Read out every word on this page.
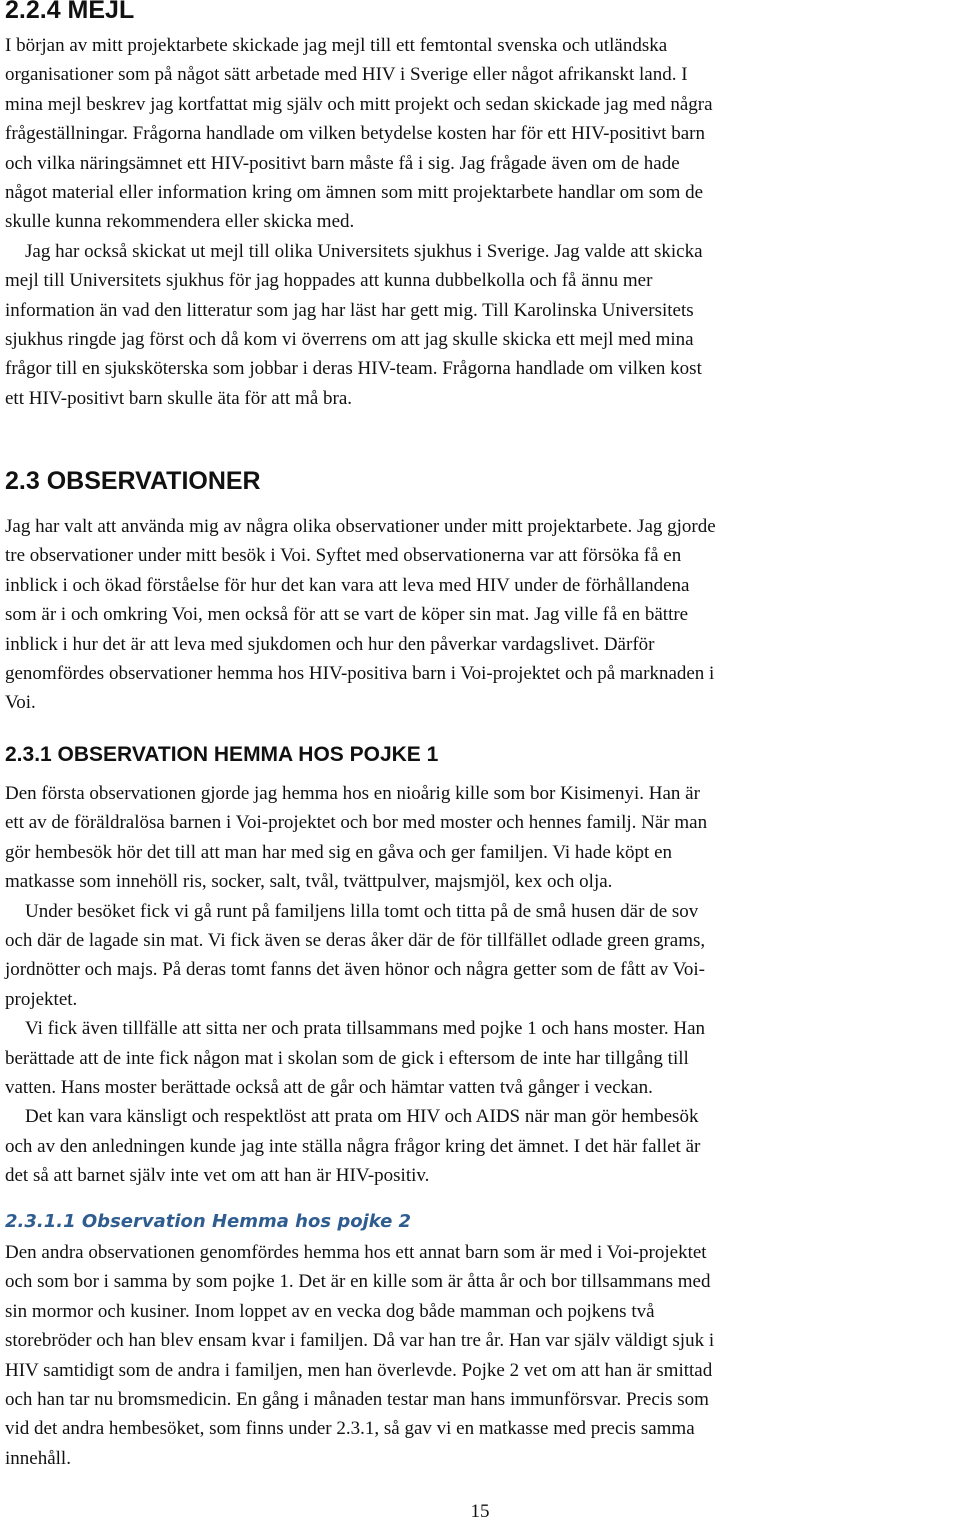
2.2.4 MEJL
I början av mitt projektarbete skickade jag mejl till ett femtontal svenska och utländska
organisationer som på något sätt arbetade med HIV i Sverige eller något afrikanskt land. I
mina mejl beskrev jag kortfattat mig själv och mitt projekt och sedan skickade jag med några
frågeställningar. Frågorna handlade om vilken betydelse kosten har för ett HIV-positivt barn
och vilka näringsämnet ett HIV-positivt barn måste få i sig. Jag frågade även om de hade
något material eller information kring om ämnen som mitt projektarbete handlar om som de
skulle kunna rekommendera eller skicka med.
Jag har också skickat ut mejl till olika Universitets sjukhus i Sverige. Jag valde att skicka
mejl till Universitets sjukhus för jag hoppades att kunna dubbelkolla och få ännu mer
information än vad den litteratur som jag har läst har gett mig. Till Karolinska Universitets
sjukhus ringde jag först och då kom vi överrens om att jag skulle skicka ett mejl med mina
frågor till en sjuksköterska som jobbar i deras HIV-team. Frågorna handlade om vilken kost
ett HIV-positivt barn skulle äta för att må bra.
2.3 OBSERVATIONER
Jag har valt att använda mig av några olika observationer under mitt projektarbete. Jag gjorde
tre observationer under mitt besök i Voi. Syftet med observationerna var att försöka få en
inblick i och ökad förståelse för hur det kan vara att leva med HIV under de förhållandena
som är i och omkring Voi, men också för att se vart de köper sin mat. Jag ville få en bättre
inblick i hur det är att leva med sjukdomen och hur den påverkar vardagslivet. Därför
genomfördes observationer hemma hos HIV-positiva barn i Voi-projektet och på marknaden i
Voi.
2.3.1 OBSERVATION HEMMA HOS POJKE 1
Den första observationen gjorde jag hemma hos en nioårig kille som bor Kisimenyi. Han är
ett av de föräldralösa barnen i Voi-projektet och bor med moster och hennes familj. När man
gör hembesök hör det till att man har med sig en gåva och ger familjen. Vi hade köpt en
matkasse som innehöll ris, socker, salt, tvål, tvättpulver, majsmjöl, kex och olja.
Under besöket fick vi gå runt på familjens lilla tomt och titta på de små husen där de sov
och där de lagade sin mat. Vi fick även se deras åker där de för tillfället odlade green grams,
jordnötter och majs. På deras tomt fanns det även hönor och några getter som de fått av Voi-
projektet.
Vi fick även tillfälle att sitta ner och prata tillsammans med pojke 1 och hans moster. Han
berättade att de inte fick någon mat i skolan som de gick i eftersom de inte har tillgång till
vatten. Hans moster berättade också att de går och hämtar vatten två gånger i veckan.
Det kan vara känsligt och respektlöst att prata om HIV och AIDS när man gör hembesök
och av den anledningen kunde jag inte ställa några frågor kring det ämnet. I det här fallet är
det så att barnet själv inte vet om att han är HIV-positiv.
2.3.1.1 Observation Hemma hos pojke 2
Den andra observationen genomfördes hemma hos ett annat barn som är med i Voi-projektet
och som bor i samma by som pojke 1. Det är en kille som är åtta år och bor tillsammans med
sin mormor och kusiner. Inom loppet av en vecka dog både mamman och pojkens två
storebröder och han blev ensam kvar i familjen. Då var han tre år. Han var själv väldigt sjuk i
HIV samtidigt som de andra i familjen, men han överlevde. Pojke 2 vet om att han är smittad
och han tar nu bromsmedicin. En gång i månaden testar man hans immunförsvar. Precis som
vid det andra hembesöket, som finns under 2.3.1, så gav vi en matkasse med precis samma
innehåll.
15
